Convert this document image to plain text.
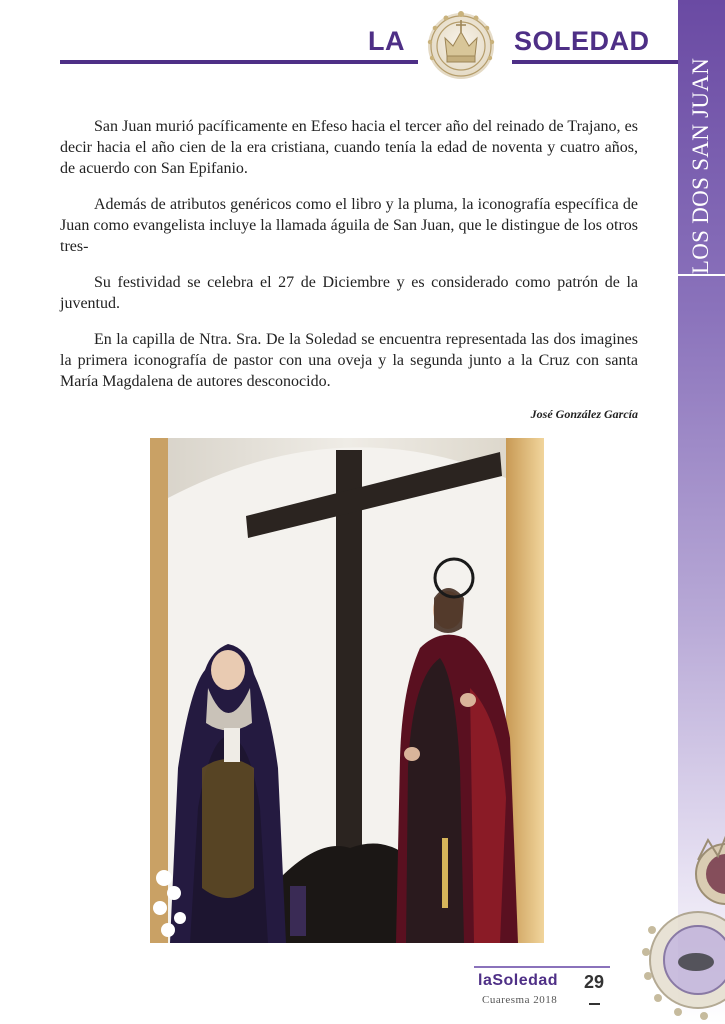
LA	SOLEDAD
LOS DOS SAN JUAN

San Juan murió pacíficamente en Efeso hacia el tercer año del reinado de Trajano, es decir hacia el año cien de la era cristiana, cuando tenía la edad de noventa y cuatro años, de acuerdo con San Epifanio.

Además de atributos genéricos como el libro y la pluma, la iconografía específica de Juan como evangelista incluye la llamada águila de San Juan, que le distingue de los otros tres-

Su festividad se celebra el 27 de Diciembre y es considerado como patrón de la juventud.

En la capilla de Ntra. Sra. De la Soledad se encuentra representada las dos imagines la primera iconografía de pastor con una oveja y la segunda junto a la Cruz con santa María Magdalena de autores desconocido.

José González García
laSoledad
Cuaresma 2018
29
